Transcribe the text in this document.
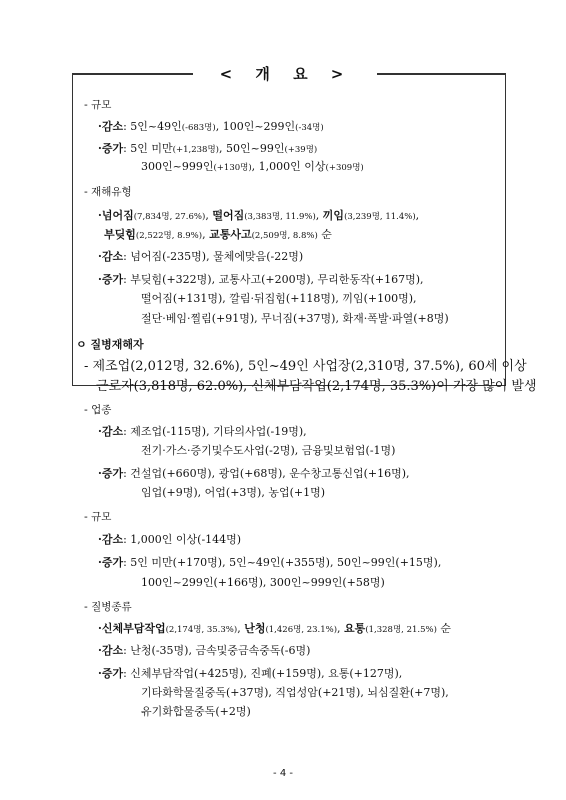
< 개 요 >
- 규모
·감소: 5인~49인(-683명), 100인~299인(-34명)
·증가: 5인 미만(+1,238명), 50인~99인(+39명)
300인~999인(+130명), 1,000인 이상(+309명)
- 재해유형
·넘어짐(7,834명, 27.6%), 떨어짐(3,383명, 11.9%), 끼임(3,239명, 11.4%),
부딪힘(2,522명, 8.9%), 교통사고(2,509명, 8.8%) 순
·감소: 넘어짐(-235명), 물체에맞음(-22명)
·증가: 부딪힘(+322명), 교통사고(+200명), 무리한동작(+167명),
떨어짐(+131명), 깔림·뒤집힘(+118명), 끼임(+100명),
절단·베임·찔림(+91명), 무너짐(+37명), 화재·폭발·파열(+8명)
ㅇ 질병재해자
- 제조업(2,012명, 32.6%), 5인~49인 사업장(2,310명, 37.5%), 60세 이상
근로자(3,818명, 62.0%), 신체부담작업(2,174명, 35.3%)이 가장 많이 발생
- 업종
·감소: 제조업(-115명), 기타의사업(-19명),
전기·가스·증기및수도사업(-2명), 금융및보험업(-1명)
·증가: 건설업(+660명), 광업(+68명), 운수창고통신업(+16명),
임업(+9명), 어업(+3명), 농업(+1명)
- 규모
·감소: 1,000인 이상(-144명)
·증가: 5인 미만(+170명), 5인~49인(+355명), 50인~99인(+15명),
100인~299인(+166명), 300인~999인(+58명)
- 질병종류
·신체부담작업(2,174명, 35.3%), 난청(1,426명, 23.1%), 요통(1,328명, 21.5%) 순
·감소: 난청(-35명), 금속및중금속중독(-6명)
·증가: 신체부담작업(+425명), 진폐(+159명), 요통(+127명),
기타화학물질중독(+37명), 직업성암(+21명), 뇌심질환(+7명),
유기화합물중독(+2명)
- 4 -
